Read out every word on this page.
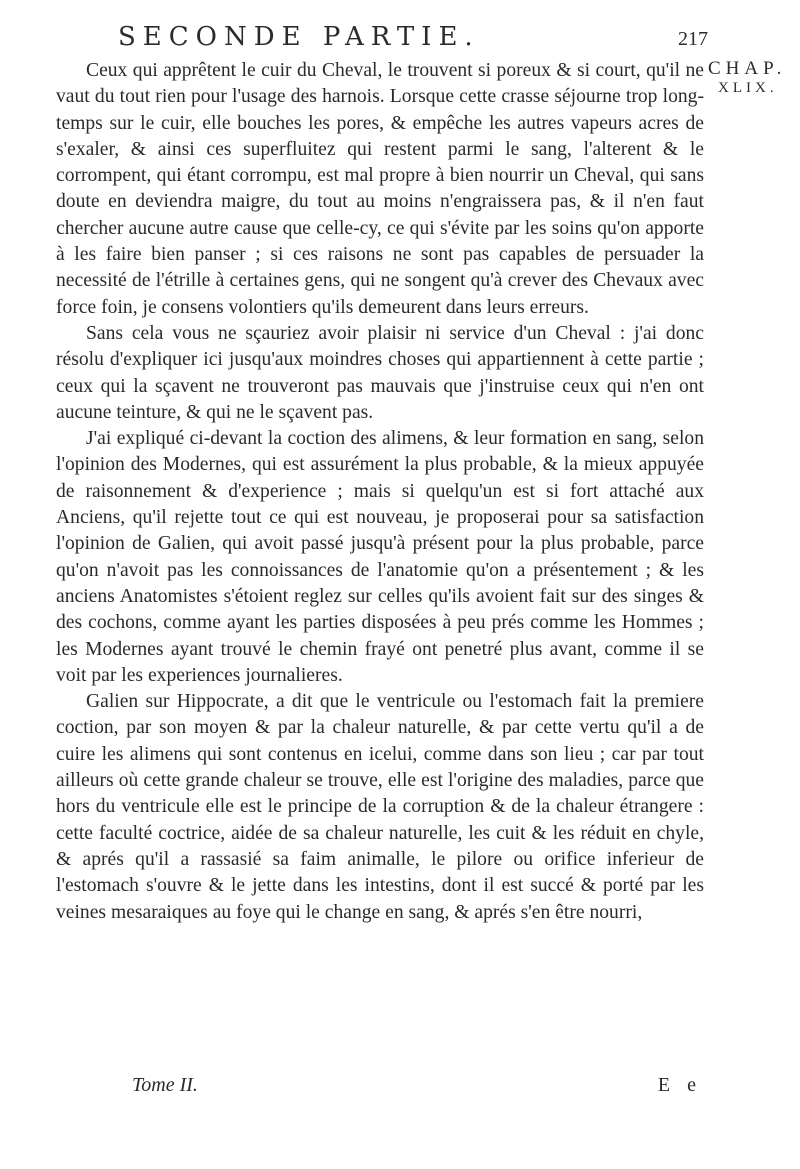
SECONDE PARTIE.	217
CHAP.
XLIX.

Ceux qui apprêtent le cuir du Cheval, le trouvent si poreux & si court, qu'il ne vaut du tout rien pour l'usage des harnois. Lorsque cette crasse séjourne trop long-temps sur le cuir, elle bouches les pores, & empêche les autres vapeurs acres de s'exaler, & ainsi ces superfluitez qui restent parmi le sang, l'alterent & le corrompent, qui étant corrompu, est mal propre à bien nourrir un Cheval, qui sans doute en deviendra maigre, du tout au moins n'engraissera pas, & il n'en faut chercher aucune autre cause que celle-cy, ce qui s'évite par les soins qu'on apporte à les faire bien panser ; si ces raisons ne sont pas capables de persuader la necessité de l'étrille à certaines gens, qui ne songent qu'à crever des Chevaux avec force foin, je consens volontiers qu'ils demeurent dans leurs erreurs.

Sans cela vous ne sçauriez avoir plaisir ni service d'un Cheval : j'ai donc résolu d'expliquer ici jusqu'aux moindres choses qui appartiennent à cette partie ; ceux qui la sçavent ne trouveront pas mauvais que j'instruise ceux qui n'en ont aucune teinture, & qui ne le sçavent pas.

J'ai expliqué ci-devant la coction des alimens, & leur formation en sang, selon l'opinion des Modernes, qui est assurément la plus probable, & la mieux appuyée de raisonnement & d'experience ; mais si quelqu'un est si fort attaché aux Anciens, qu'il rejette tout ce qui est nouveau, je proposerai pour sa satisfaction l'opinion de Galien, qui avoit passé jusqu'à présent pour la plus probable, parce qu'on n'avoit pas les connoissances de l'anatomie qu'on a présentement ; & les anciens Anatomistes s'étoient reglez sur celles qu'ils avoient fait sur des singes & des cochons, comme ayant les parties disposées à peu prés comme les Hommes ; les Modernes ayant trouvé le chemin frayé ont penetré plus avant, comme il se voit par les experiences journalieres.

Galien sur Hippocrate, a dit que le ventricule ou l'estomach fait la premiere coction, par son moyen & par la chaleur naturelle, & par cette vertu qu'il a de cuire les alimens qui sont contenus en icelui, comme dans son lieu ; car par tout ailleurs où cette grande chaleur se trouve, elle est l'origine des maladies, parce que hors du ventricule elle est le principe de la corruption & de la chaleur étrangere : cette faculté coctrice, aidée de sa chaleur naturelle, les cuit & les réduit en chyle, & aprés qu'il a rassasié sa faim animalle, le pilore ou orifice inferieur de l'estomach s'ouvre & le jette dans les intestins, dont il est succé & porté par les veines mesaraiques au foye qui le change en sang, & aprés s'en être nourri,

Tome II.	E e
